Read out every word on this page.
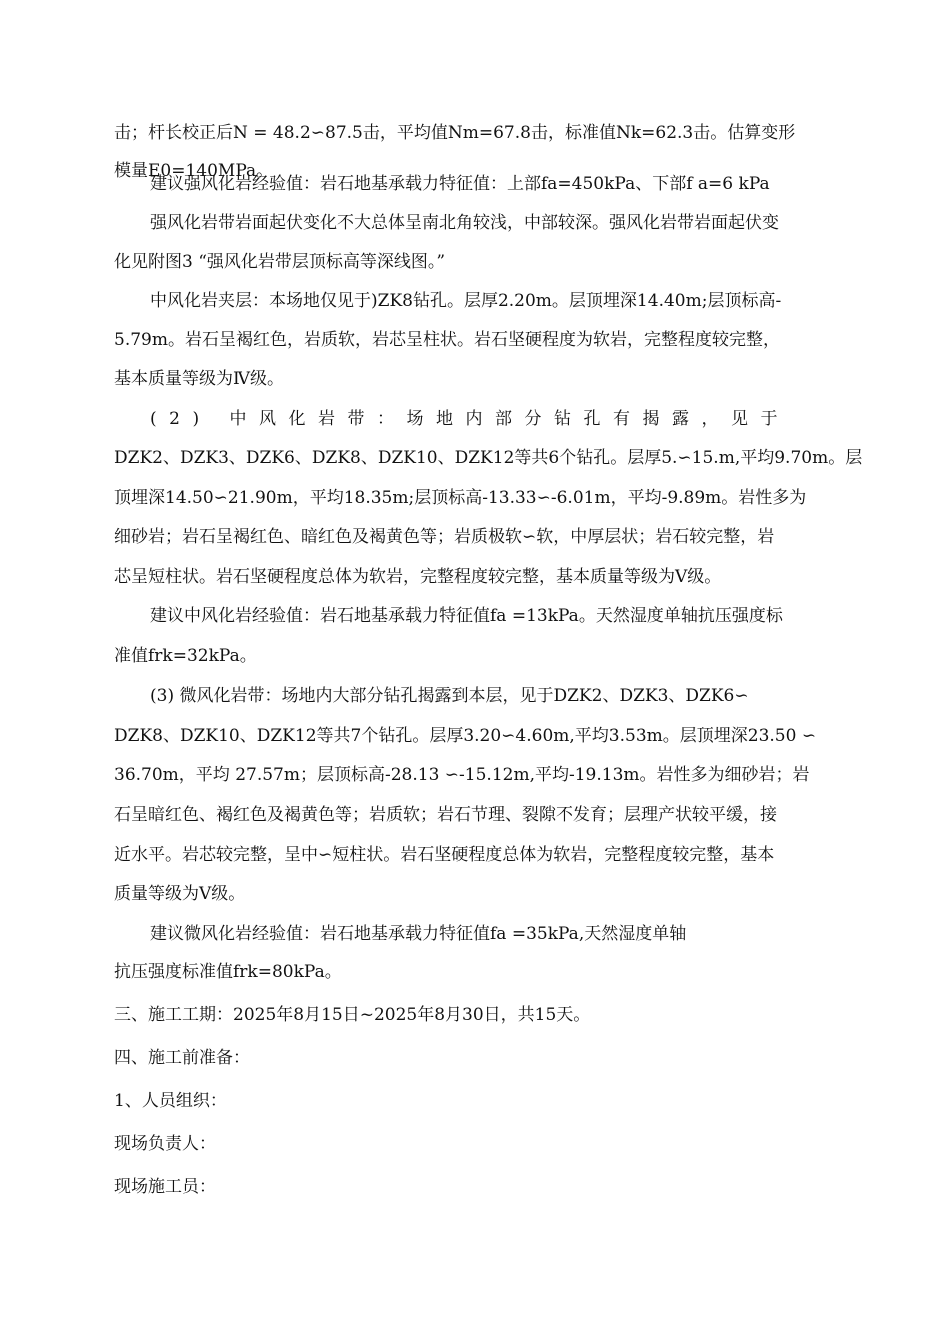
击；杆长校正后N = 48.2∽87.5击，平均值Nm=67.8击，标准值Nk=62.3击。估算变形
模量E0=140MPa。
建议强风化岩经验值：岩石地基承载力特征值：上部fa=450kPa、下部f a=6 kPa
强风化岩带岩面起伏变化不大总体呈南北角较浅，中部较深。强风化岩带岩面起伏变
化见附图3 “强风化岩带层顶标高等深线图。”
中风化岩夹层：本场地仅见于)ZK8钻孔。层厚2.20m。层顶埋深14.40m;层顶标高-
5.79m。岩石呈褐红色，岩质软，岩芯呈柱状。岩石坚硬程度为软岩，完整程度较完整，
基本质量等级为Ⅳ级。
(2) 中风化岩带：场地内部分钻孔有揭露，见于
DZK2、DZK3、DZK6、DZK8、DZK10、DZK12等共6个钻孔。层厚5.∽15.m,平均9.70m。层
顶埋深14.50∽21.90m，平均18.35m;层顶标高-13.33∽-6.01m，平均-9.89m。岩性多为
细砂岩；岩石呈褐红色、暗红色及褐黄色等；岩质极软∽软，中厚层状；岩石较完整，岩
芯呈短柱状。岩石坚硬程度总体为软岩，完整程度较完整，基本质量等级为Ⅴ级。
建议中风化岩经验值：岩石地基承载力特征值fa =13kPa。天然湿度单轴抗压强度标
准值frk=32kPa。
(3) 微风化岩带：场地内大部分钻孔揭露到本层，见于DZK2、DZK3、DZK6∽
DZK8、DZK10、DZK12等共7个钻孔。层厚3.20∽4.60m,平均3.53m。层顶埋深23.50 ∽
36.70m，平均 27.57m；层顶标高-28.13 ∽-15.12m,平均-19.13m。岩性多为细砂岩；岩
石呈暗红色、褐红色及褐黄色等；岩质软；岩石节理、裂隙不发育；层理产状较平缓，接
近水平。岩芯较完整，呈中∽短柱状。岩石坚硬程度总体为软岩，完整程度较完整，基本
质量等级为Ⅴ级。
建议微风化岩经验值：岩石地基承载力特征值fa =35kPa,天然湿度单轴
抗压强度标准值frk=80kPa。
三、施工工期：2025年8月15日~2025年8月30日，共15天。
四、施工前准备：
1、人员组织：
现场负责人：
现场施工员：
